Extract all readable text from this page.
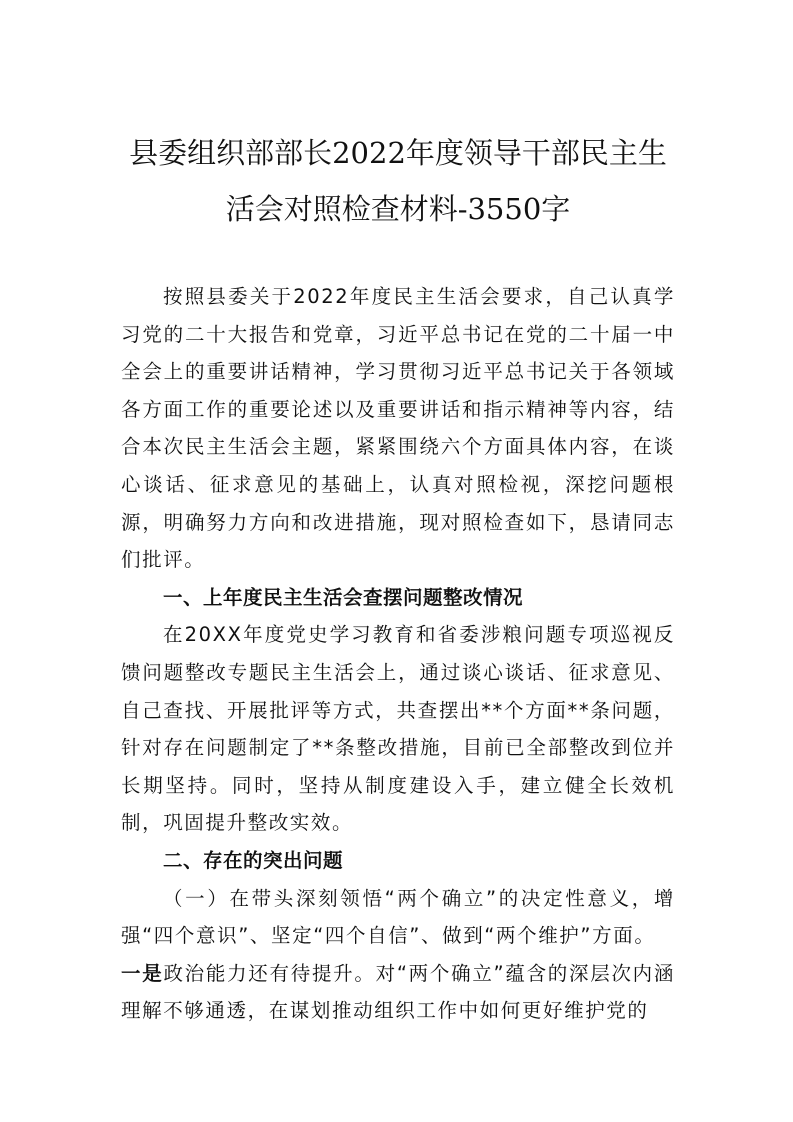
县委组织部部长2022年度领导干部民主生
活会对照检查材料-3550字

按照县委关于2022年度民主生活会要求，自己认真学习党的二十大报告和党章，习近平总书记在党的二十届一中全会上的重要讲话精神，学习贯彻习近平总书记关于各领域各方面工作的重要论述以及重要讲话和指示精神等内容，结合本次民主生活会主题，紧紧围绕六个方面具体内容，在谈心谈话、征求意见的基础上，认真对照检视，深挖问题根源，明确努力方向和改进措施，现对照检查如下，恳请同志们批评。

一、上年度民主生活会查摆问题整改情况

在20XX年度党史学习教育和省委涉粮问题专项巡视反馈问题整改专题民主生活会上，通过谈心谈话、征求意见、自己查找、开展批评等方式，共查摆出**个方面**条问题，针对存在问题制定了**条整改措施，目前已全部整改到位并长期坚持。同时，坚持从制度建设入手，建立健全长效机制，巩固提升整改实效。

二、存在的突出问题

（一）在带头深刻领悟“两个确立”的决定性意义，增强“四个意识”、坚定“四个自信”、做到“两个维护”方面。

一是政治能力还有待提升。对“两个确立”蕴含的深层次内涵理解不够通透，在谋划推动组织工作中如何更好维护党的
